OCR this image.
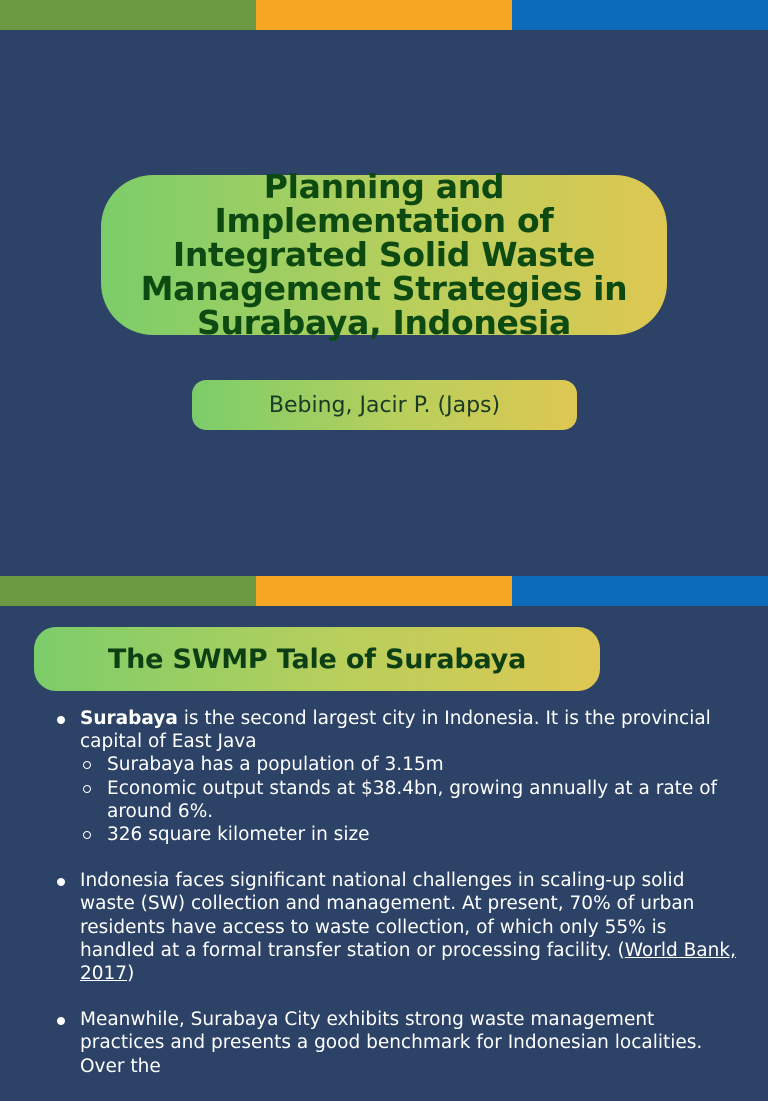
Planning and Implementation of Integrated Solid Waste Management Strategies in Surabaya, Indonesia
Bebing, Jacir P. (Japs)
The SWMP Tale of Surabaya
Surabaya is the second largest city in Indonesia. It is the provincial capital of East Java
Surabaya has a population of 3.15m
Economic output stands at $38.4bn, growing annually at a rate of around 6%.
326 square kilometer in size
Indonesia faces significant national challenges in scaling-up solid waste (SW) collection and management. At present, 70% of urban residents have access to waste collection, of which only 55% is handled at a formal transfer station or processing facility. (World Bank, 2017)
Meanwhile, Surabaya City exhibits strong waste management practices and presents a good benchmark for Indonesian localities. Over the
